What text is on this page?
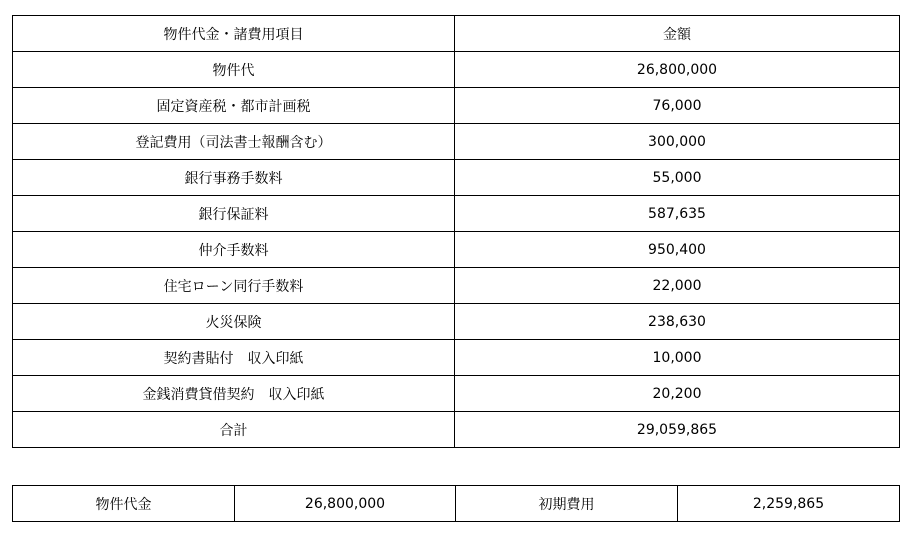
物件代金・諸費用項目	金額
物件代	26,800,000
固定資産税・都市計画税	76,000
登記費用（司法書士報酬含む）	300,000
銀行事務手数料	55,000
銀行保証料	587,635
仲介手数料	950,400
住宅ローン同行手数料	22,000
火災保険	238,630
契約書貼付　収入印紙	10,000
金銭消費貸借契約　収入印紙	20,200
合計	29,059,865
物件代金	26,800,000	初期費用	2,259,865
